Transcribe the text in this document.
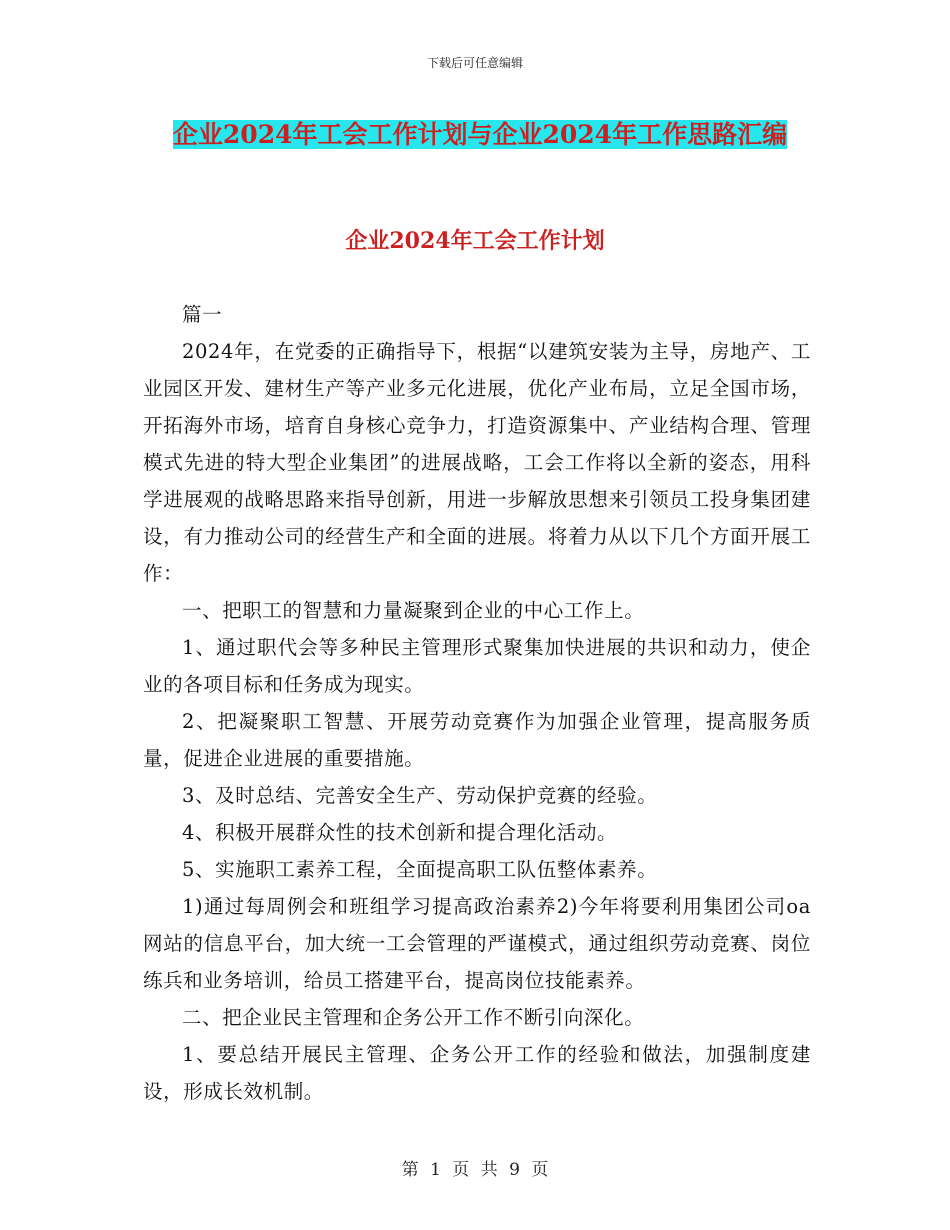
下载后可任意编辑
企业2024年工会工作计划与企业2024年工作思路汇编
企业2024年工会工作计划

篇一

2024年，在党委的正确指导下，根据“以建筑安装为主导，房地产、工业园区开发、建材生产等产业多元化进展，优化产业布局，立足全国市场，开拓海外市场，培育自身核心竞争力，打造资源集中、产业结构合理、管理模式先进的特大型企业集团”的进展战略，工会工作将以全新的姿态，用科学进展观的战略思路来指导创新，用进一步解放思想来引领员工投身集团建设，有力推动公司的经营生产和全面的进展。将着力从以下几个方面开展工作：

一、把职工的智慧和力量凝聚到企业的中心工作上。

1、通过职代会等多种民主管理形式聚集加快进展的共识和动力，使企业的各项目标和任务成为现实。

2、把凝聚职工智慧、开展劳动竞赛作为加强企业管理，提高服务质量，促进企业进展的重要措施。

3、及时总结、完善安全生产、劳动保护竞赛的经验。

4、积极开展群众性的技术创新和提合理化活动。

5、实施职工素养工程，全面提高职工队伍整体素养。

1)通过每周例会和班组学习提高政治素养2)今年将要利用集团公司oa网站的信息平台，加大统一工会管理的严谨模式，通过组织劳动竞赛、岗位练兵和业务培训，给员工搭建平台，提高岗位技能素养。

二、把企业民主管理和企务公开工作不断引向深化。

1、要总结开展民主管理、企务公开工作的经验和做法，加强制度建设，形成长效机制。

第 1 页 共 9 页
